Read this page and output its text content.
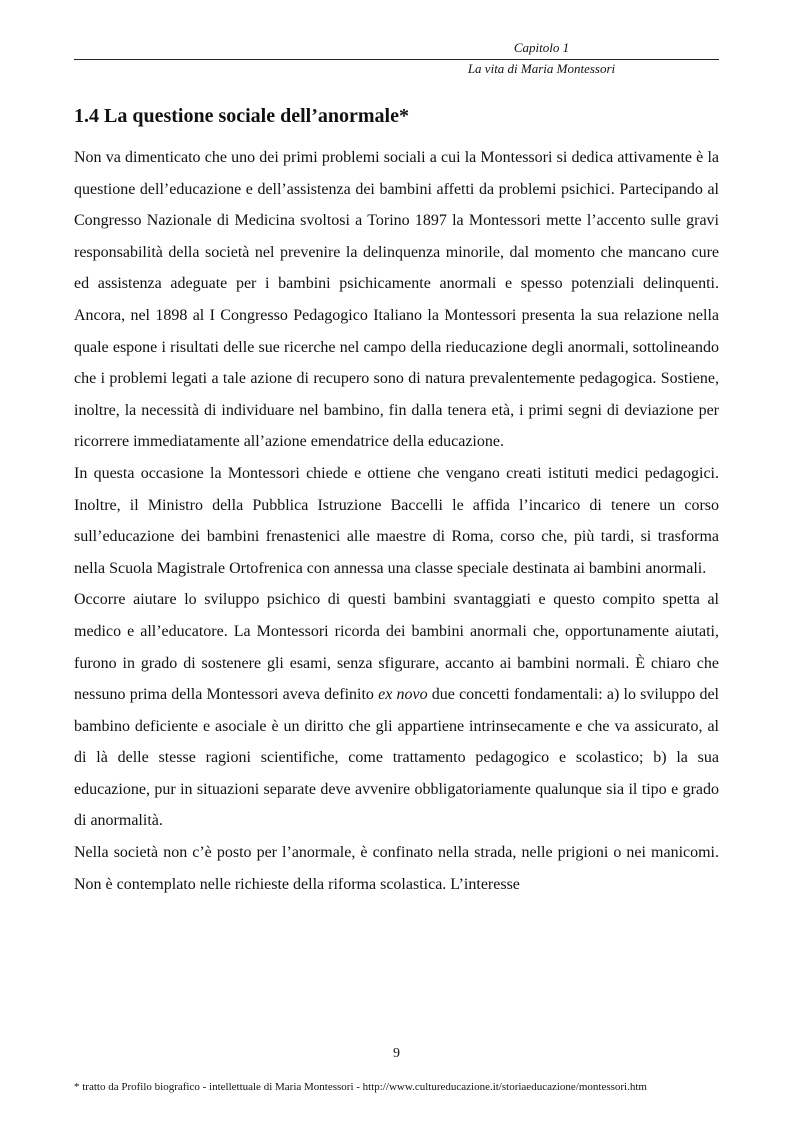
Capitolo 1
La vita di Maria Montessori
1.4 La questione sociale dell’anormale*

Non va dimenticato che uno dei primi problemi sociali a cui la Montessori si dedica attivamente è la questione dell’educazione e dell’assistenza dei bambini affetti da problemi psichici. Partecipando al Congresso Nazionale di Medicina svoltosi a Torino 1897 la Montessori mette l’accento sulle gravi responsabilità della società nel prevenire la delinquenza minorile, dal momento che mancano cure ed assistenza adeguate per i bambini psichicamente anormali e spesso potenziali delinquenti. Ancora, nel 1898 al I Congresso Pedagogico Italiano la Montessori presenta la sua relazione nella quale espone i risultati delle sue ricerche nel campo della rieducazione degli anormali, sottolineando che i problemi legati a tale azione di recupero sono di natura prevalentemente pedagogica. Sostiene, inoltre, la necessità di individuare nel bambino, fin dalla tenera età, i primi segni di deviazione per ricorrere immediatamente all’azione emendatrice della educazione.

In questa occasione la Montessori chiede e ottiene che vengano creati istituti medici pedagogici. Inoltre, il Ministro della Pubblica Istruzione Baccelli le affida l’incarico di tenere un corso sull’educazione dei bambini frenastenici alle maestre di Roma, corso che, più tardi, si trasforma nella Scuola Magistrale Ortofrenica con annessa una classe speciale destinata ai bambini anormali.

Occorre aiutare lo sviluppo psichico di questi bambini svantaggiati e questo compito spetta al medico e all’educatore. La Montessori ricorda dei bambini anormali che, opportunamente aiutati, furono in grado di sostenere gli esami, senza sfigurare, accanto ai bambini normali. È chiaro che nessuno prima della Montessori aveva definito ex novo due concetti fondamentali: a) lo sviluppo del bambino deficiente e asociale è un diritto che gli appartiene intrinsecamente e che va assicurato, al di là delle stesse ragioni scientifiche, come trattamento pedagogico e scolastico; b) la sua educazione, pur in situazioni separate deve avvenire obbligatoriamente qualunque sia il tipo e grado di anormalità.

Nella società non c’è posto per l’anormale, è confinato nella strada, nelle prigioni o nei manicomi. Non è contemplato nelle richieste della riforma scolastica. L’interesse

9
* tratto da Profilo biografico - intellettuale di Maria Montessori - http://www.cultureducazione.it/storiaeducazione/montessori.htm
